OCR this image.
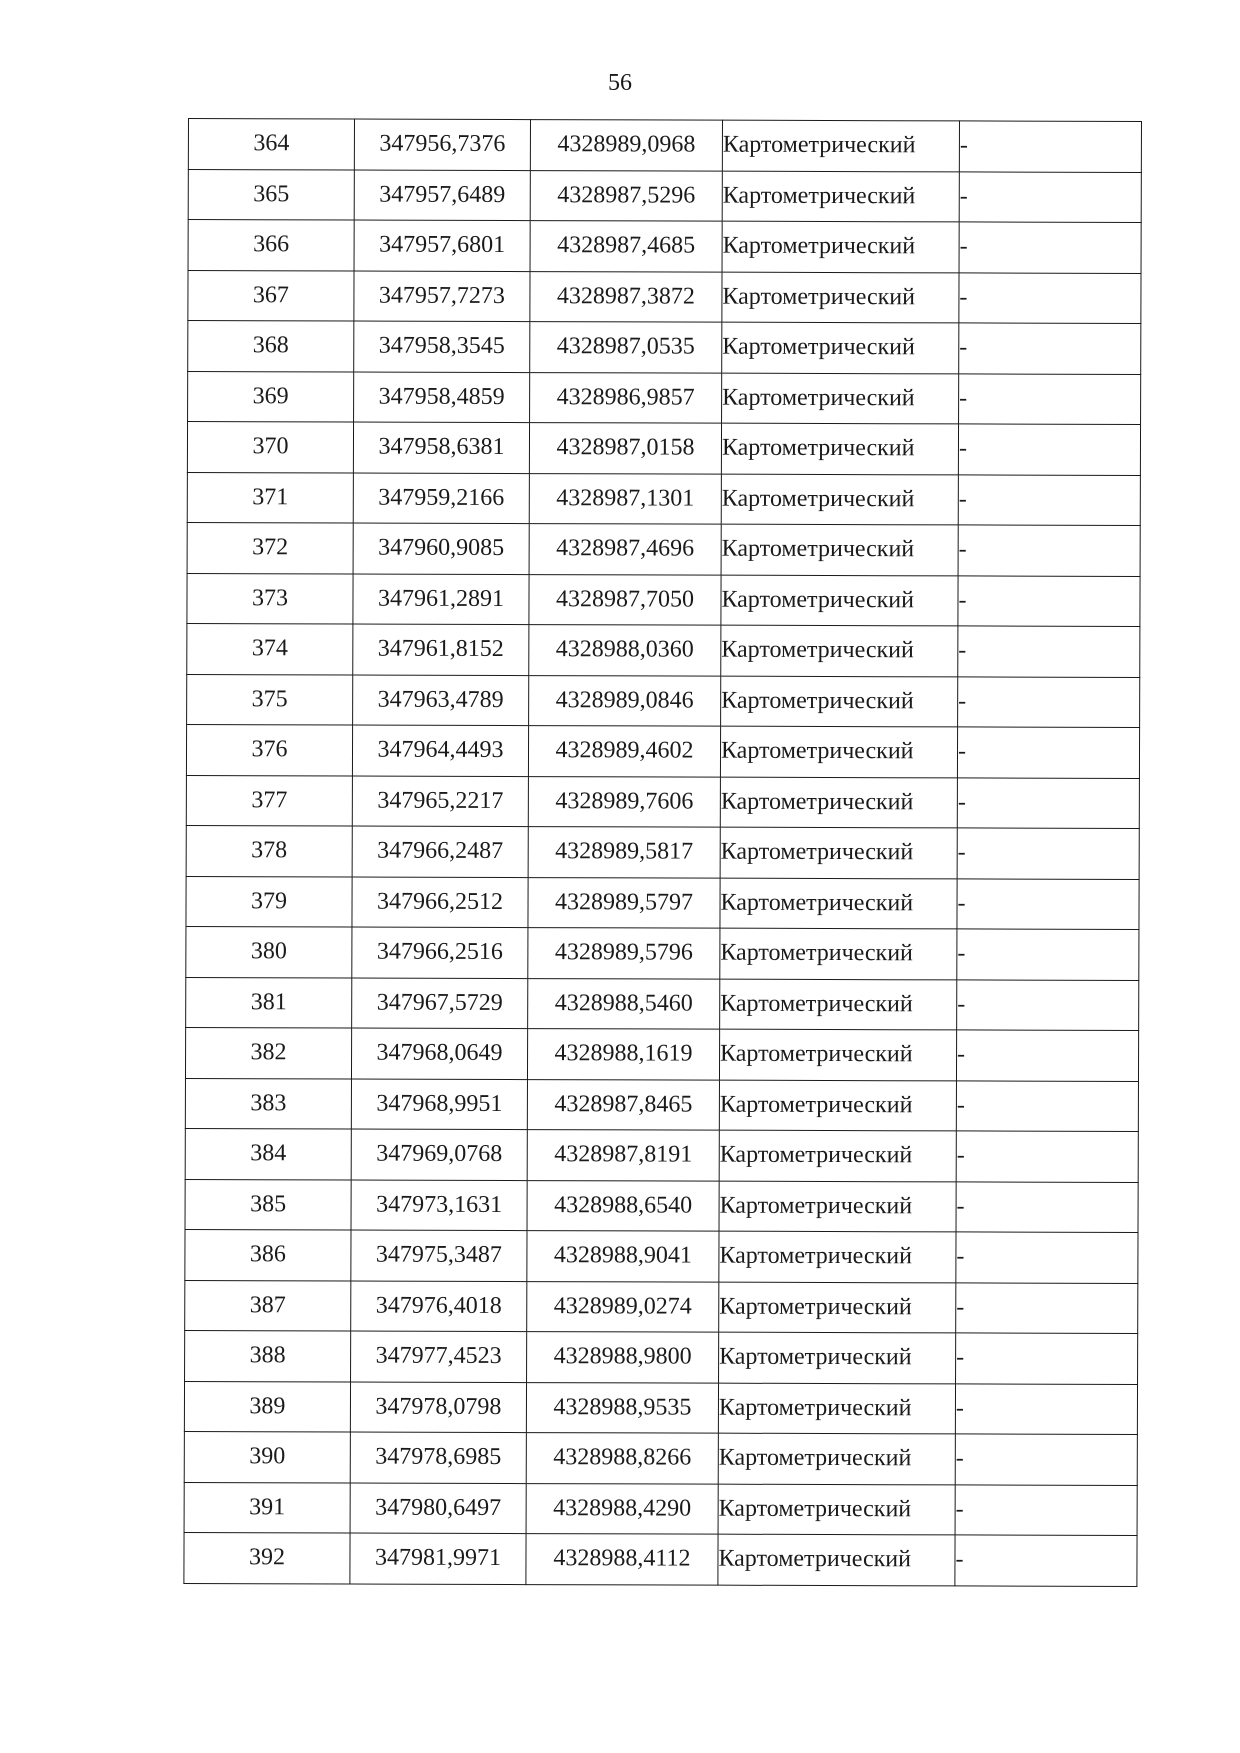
56
364	347956,7376	4328989,0968	Картометрический	-
365	347957,6489	4328987,5296	Картометрический	-
366	347957,6801	4328987,4685	Картометрический	-
367	347957,7273	4328987,3872	Картометрический	-
368	347958,3545	4328987,0535	Картометрический	-
369	347958,4859	4328986,9857	Картометрический	-
370	347958,6381	4328987,0158	Картометрический	-
371	347959,2166	4328987,1301	Картометрический	-
372	347960,9085	4328987,4696	Картометрический	-
373	347961,2891	4328987,7050	Картометрический	-
374	347961,8152	4328988,0360	Картометрический	-
375	347963,4789	4328989,0846	Картометрический	-
376	347964,4493	4328989,4602	Картометрический	-
377	347965,2217	4328989,7606	Картометрический	-
378	347966,2487	4328989,5817	Картометрический	-
379	347966,2512	4328989,5797	Картометрический	-
380	347966,2516	4328989,5796	Картометрический	-
381	347967,5729	4328988,5460	Картометрический	-
382	347968,0649	4328988,1619	Картометрический	-
383	347968,9951	4328987,8465	Картометрический	-
384	347969,0768	4328987,8191	Картометрический	-
385	347973,1631	4328988,6540	Картометрический	-
386	347975,3487	4328988,9041	Картометрический	-
387	347976,4018	4328989,0274	Картометрический	-
388	347977,4523	4328988,9800	Картометрический	-
389	347978,0798	4328988,9535	Картометрический	-
390	347978,6985	4328988,8266	Картометрический	-
391	347980,6497	4328988,4290	Картометрический	-
392	347981,9971	4328988,4112	Картометрический	-
